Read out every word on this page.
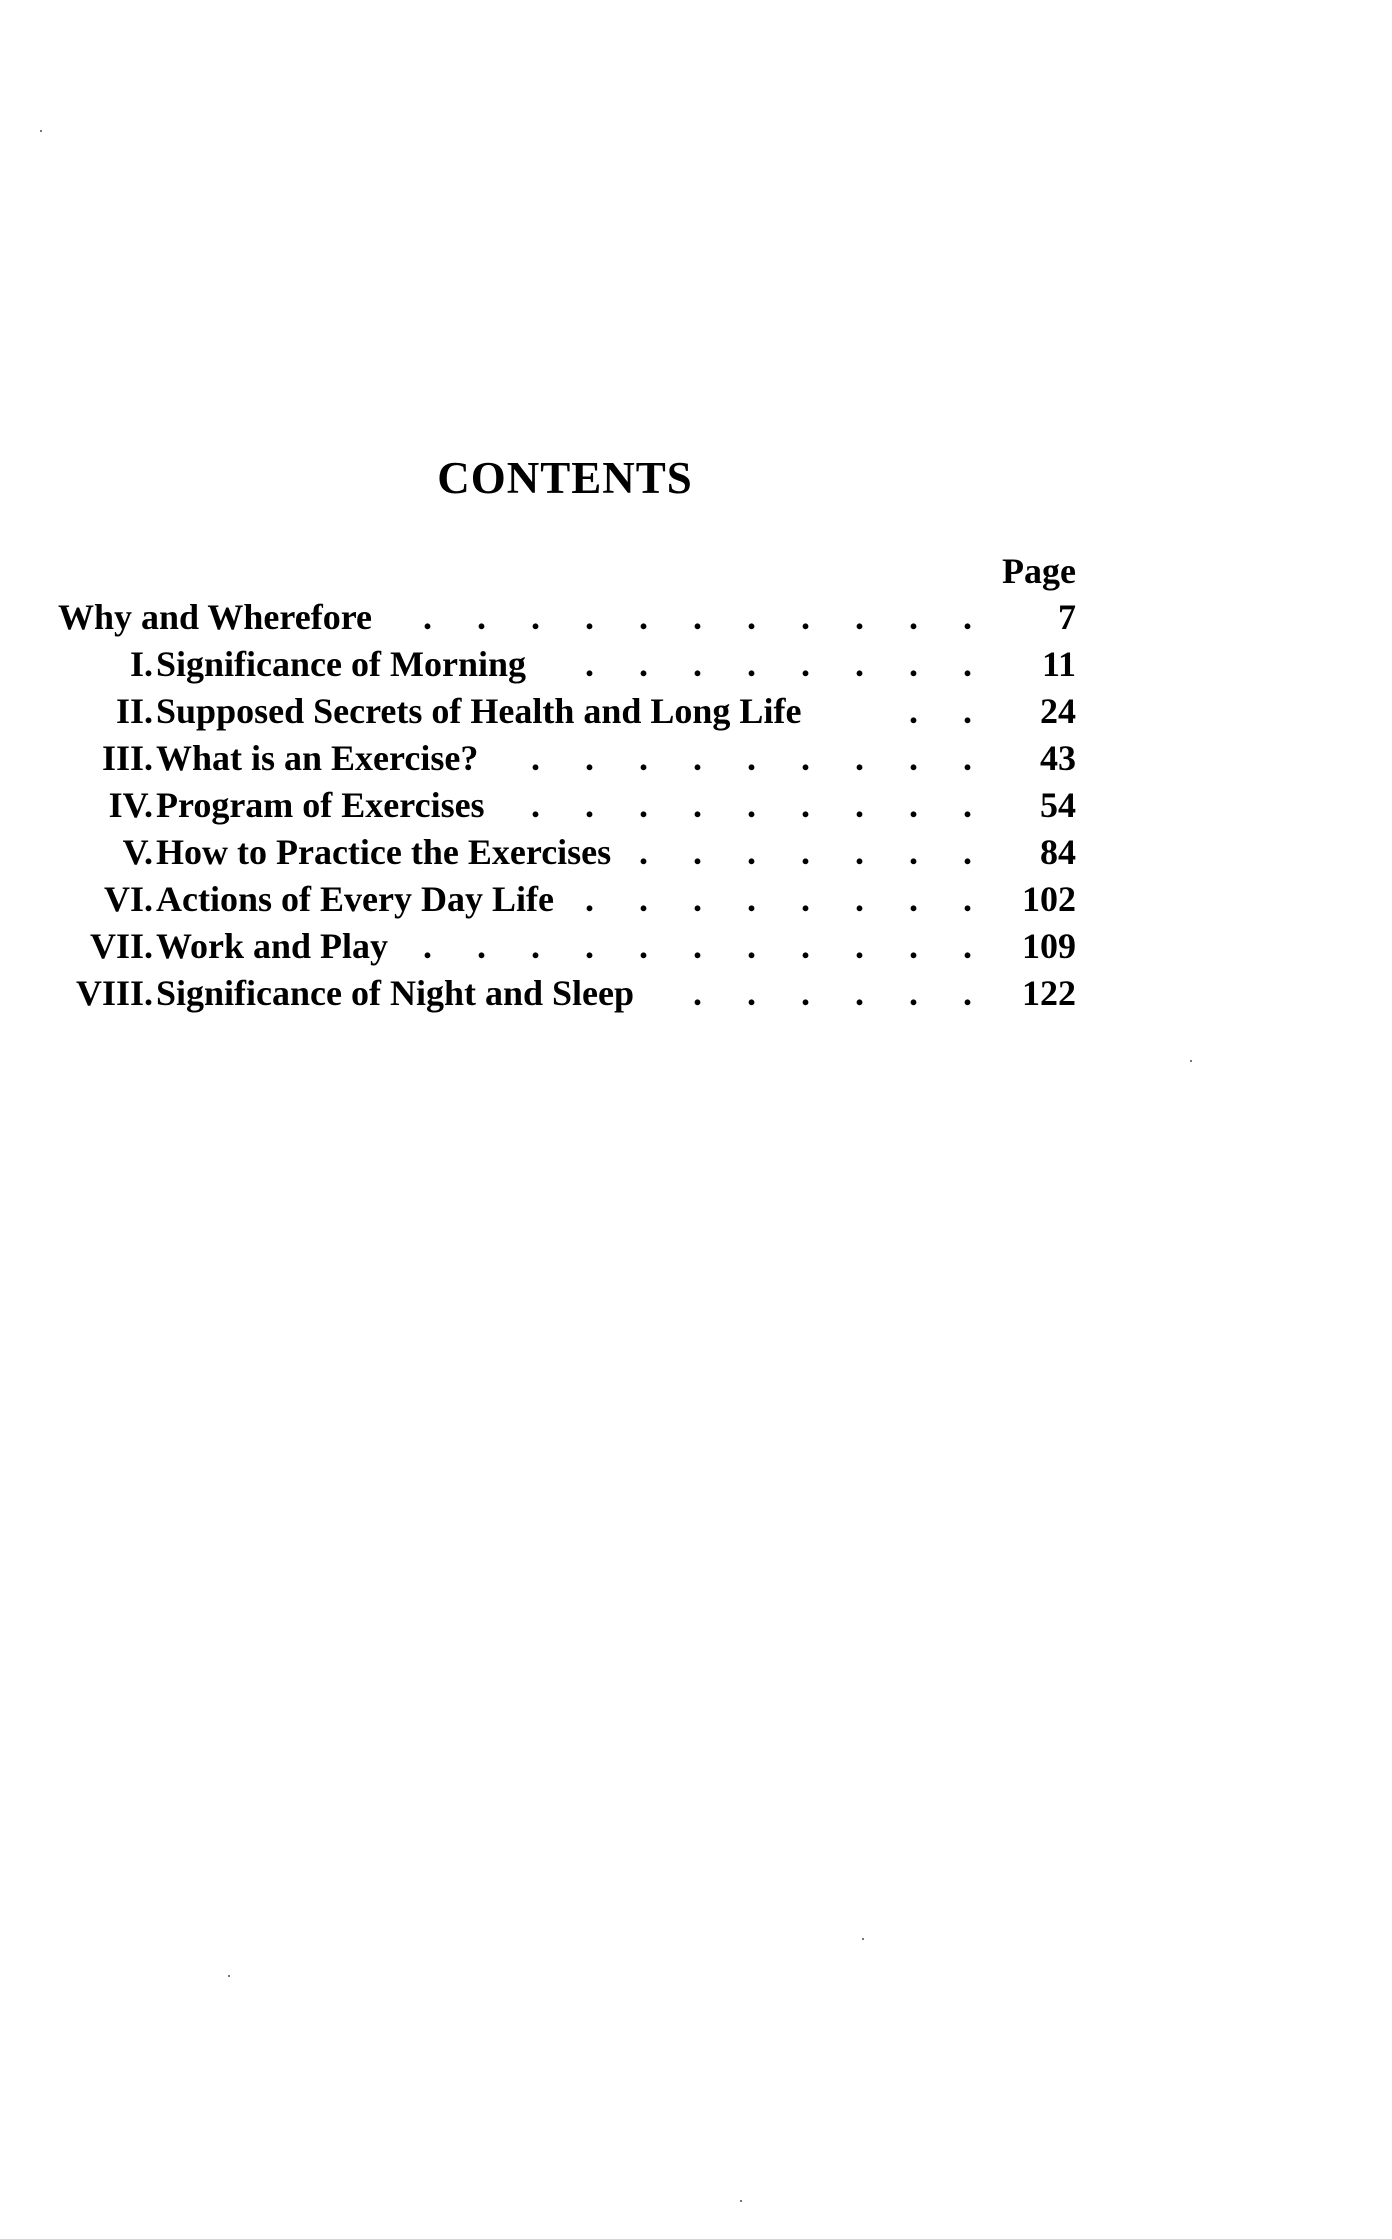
CONTENTS
Page
Why and Wherefore . . . . . . . . . . .	7
I. Significance of Morning . . . . . . . .	11
II. Supposed Secrets of Health and Long Life	. .	24
III. What is an Exercise? . . . . . . . . .	43
IV. Program of Exercises . . . . . . . . .	54
V. How to Practice the Exercises . . . . . . .	84
VI. Actions of Every Day Life . . . . . . . . 102
VII. Work and Play . . . . . . . . . . . 109
VIII. Significance of Night and Sleep . . . . . . 122
